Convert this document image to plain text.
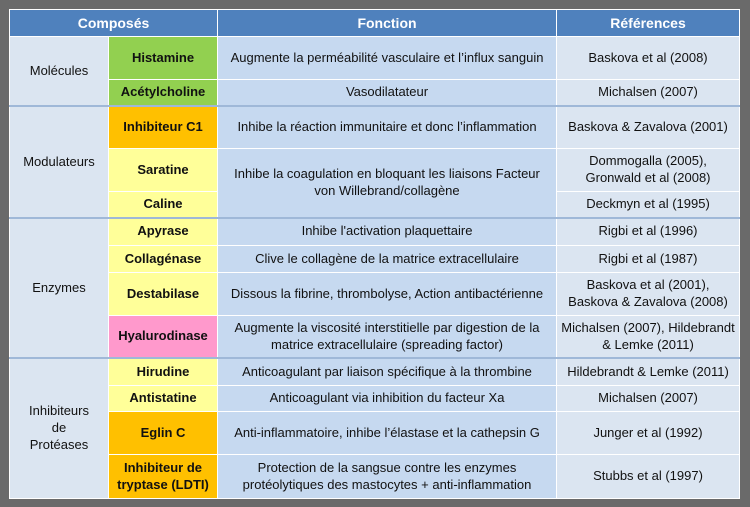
Composés		Fonction	Références
Molécules	Histamine	Augmente la perméabilité vasculaire et l’influx sanguin	Baskova et al (2008)
	Acétylcholine	Vasodilatateur	Michalsen (2007)
Modulateurs	Inhibiteur C1	Inhibe la réaction immunitaire et donc l’inflammation	Baskova & Zavalova (2001)
	Saratine	Inhibe la coagulation en bloquant les liaisons Facteur von Willebrand/collagène	Dommogalla (2005), Gronwald et al (2008)
	Caline		Deckmyn et al (1995)
Enzymes	Apyrase	Inhibe l'activation plaquettaire	Rigbi et al (1996)
	Collagénase	Clive le collagène de la matrice extracellulaire	Rigbi et al (1987)
	Destabilase	Dissous la fibrine, thrombolyse, Action antibactérienne	Baskova et al (2001), Baskova & Zavalova (2008)
	Hyalurodinase	Augmente la viscosité interstitielle par digestion de la matrice extracellulaire (spreading factor)	Michalsen (2007), Hildebrandt & Lemke (2011)
Inhibiteurs de Protéases	Hirudine	Anticoagulant par liaison spécifique à la thrombine	Hildebrandt & Lemke (2011)
	Antistatine	Anticoagulant via inhibition du facteur Xa	Michalsen (2007)
	Eglin C	Anti-inflammatoire, inhibe l’élastase et la cathepsin G	Junger et al (1992)
	Inhibiteur de tryptase (LDTI)	Protection de la sangsue contre les enzymes protéolytiques des mastocytes + anti-inflammation	Stubbs et al (1997)
